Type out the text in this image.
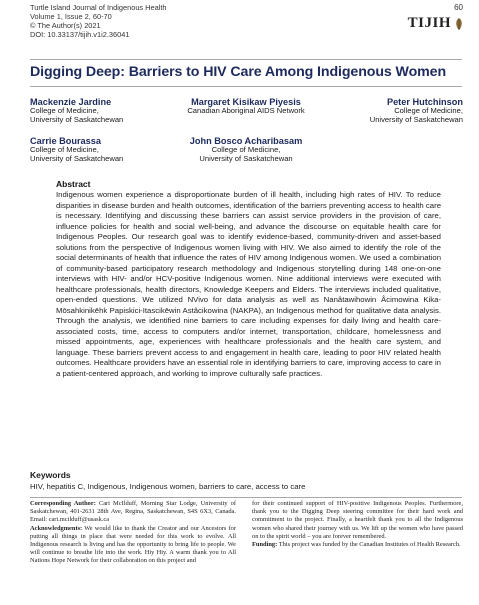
Turtle Island Journal of Indigenous Health
Volume 1, Issue 2, 60-70
© The Author(s) 2021
DOI: 10.33137/tijih.v1i2.36041
60
TIJIH
Digging Deep: Barriers to HIV Care Among Indigenous Women
Mackenzie Jardine
College of Medicine,
University of Saskatchewan
Margaret Kisikaw Piyesis
Canadian Aboriginal AIDS Network
Peter Hutchinson
College of Medicine,
University of Saskatchewan
Carrie Bourassa
College of Medicine,
University of Saskatchewan
John Bosco Acharibasam
College of Medicine,
University of Saskatchewan
Abstract

Indigenous women experience a disproportionate burden of ill health, including high rates of HIV. To reduce disparities in disease burden and health outcomes, identification of the barriers preventing access to health care is necessary. Identifying and discussing these barriers can assist service providers in the provision of care, influence policies for health and social well-being, and advance the discourse on equitable health care for Indigenous Peoples. Our research goal was to identify evidence-based, community-driven and asset-based solutions from the perspective of Indigenous women living with HIV. We also aimed to identify the role of the social determinants of health that influence the rates of HIV among Indigenous women. We used a combination of community-based participatory research methodology and Indigenous storytelling during 148 one-on-one interviews with HIV- and/or HCV-positive Indigenous women. Nine additional interviews were executed with healthcare professionals, health directors, Knowledge Keepers and Elders. The interviews included qualitative, open-ended questions. We utilized NVivo for data analysis as well as Nanâtawihowin Âcimowina Kika-Mōsahkinikēhk Papiskici-Itascikēwin Astâcikowina (NAKPA), an Indigenous method for qualitative data analysis. Through the analysis, we identified nine barriers to care including expenses for daily living and health care-associated costs, time, access to computers and/or internet, transportation, childcare, homelessness and missed appointments, age, experiences with healthcare professionals and the health care system, and language. These barriers prevent access to and engagement in health care, leading to poor HIV related health outcomes. Healthcare providers have an essential role in identifying barriers to care, improving access to care in a patient-centered approach, and working to improve culturally safe practices.

Keywords
HIV, hepatitis C, Indigenous, Indigenous women, barriers to care, access to care
Corresponding Author: Cari McIlduff, Morning Star Lodge, University of Saskatchewan, 401-2631 28th Ave, Regina, Saskatchewan, S4S 6X3, Canada. Email: cari.mcilduff@usask.ca
Acknowledgments: We would like to thank the Creator and our Ancestors for putting all things in place that were needed for this work to evolve. All Indigenous research is living and has the opportunity to bring life to people. We will continue to breathe life into the work. Hiy Hiy. A warm thank you to All Nations Hope Network for their collaboration on this project and
for their continued support of HIV-positive Indigenous Peoples. Furthermore, thank you to the Digging Deep steering committee for their hard work and commitment to the project. Finally, a heartfelt thank you to all the Indigenous women who shared their journey with us. We lift up the women who have passed on to the spirit world – you are forever remembered.
Funding: This project was funded by the Canadian Institutes of Health Research.
